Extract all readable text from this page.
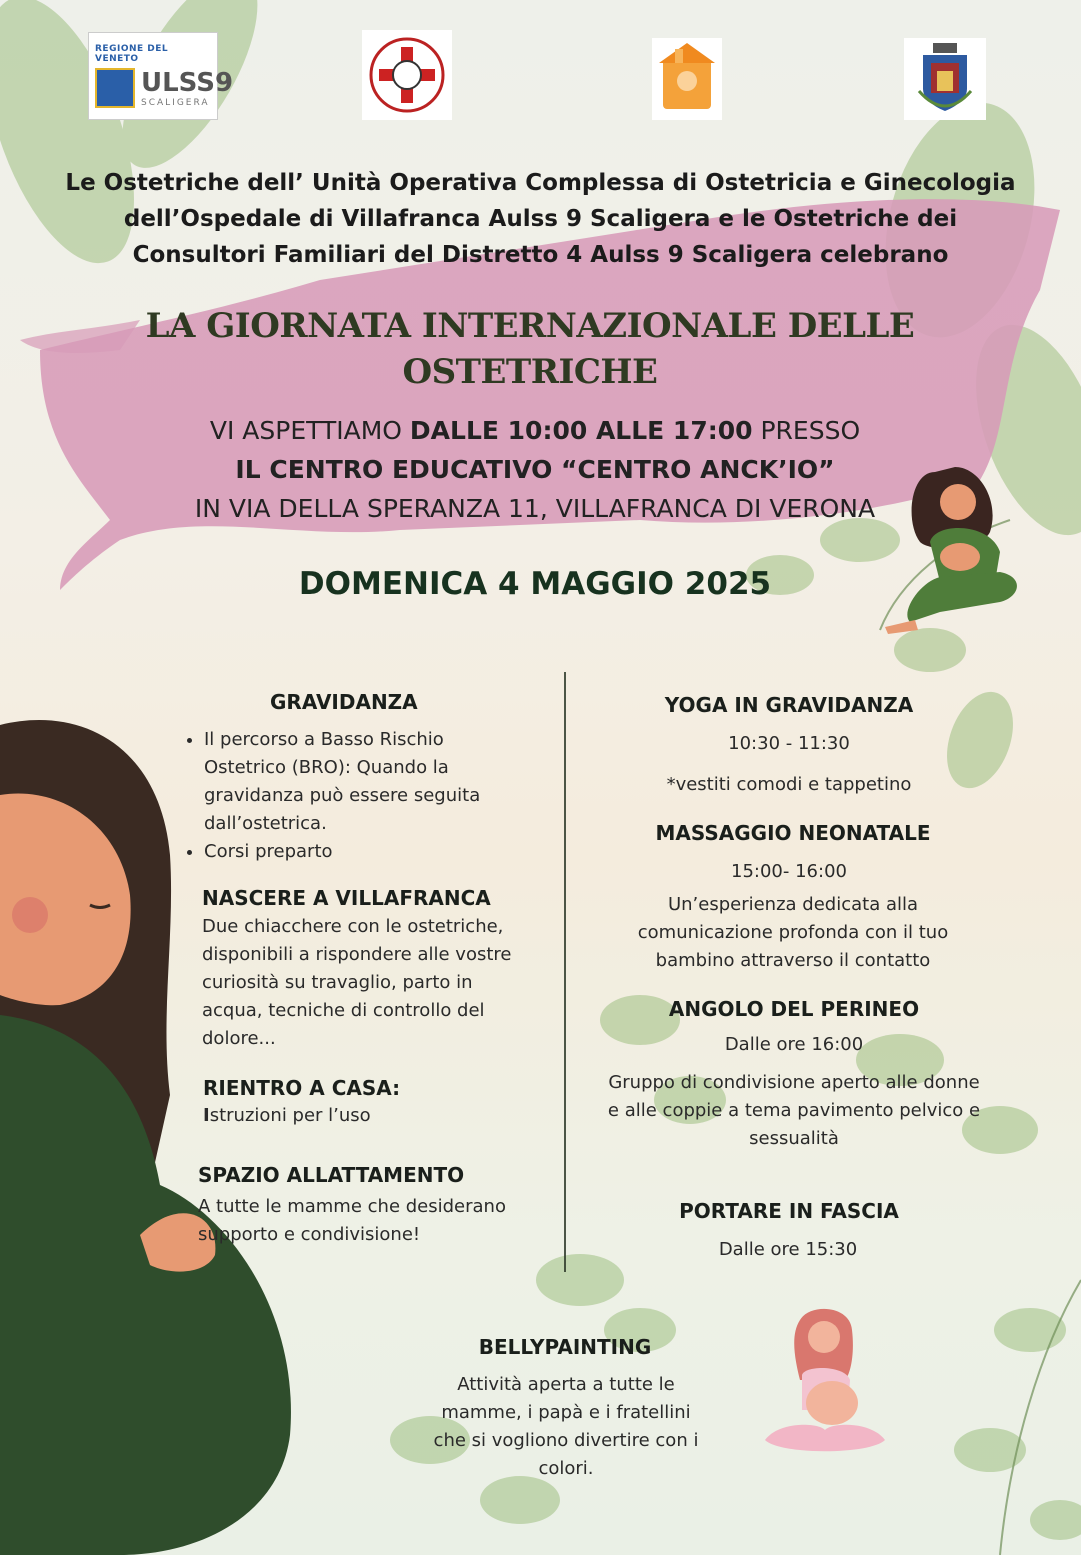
REGIONE DEL VENETO
ULSS9
SCALIGERA
Le Ostetriche dell’ Unità Operativa Complessa di Ostetricia e Ginecologia
dell’Ospedale di Villafranca Aulss 9 Scaligera e le Ostetriche dei
Consultori Familiari del Distretto 4 Aulss 9 Scaligera celebrano
LA GIORNATA INTERNAZIONALE DELLE
OSTETRICHE
VI ASPETTIAMO DALLE 10:00 ALLE 17:00 PRESSO
IL CENTRO EDUCATIVO “CENTRO ANCK’IO”
IN VIA DELLA SPERANZA 11, VILLAFRANCA DI VERONA
DOMENICA 4 MAGGIO 2025
GRAVIDANZA
• Il percorso a Basso Rischio Ostetrico (BRO): Quando la gravidanza può essere seguita dall’ostetrica.
• Corsi preparto
NASCERE A VILLAFRANCA
Due chiacchere con le ostetriche, disponibili a rispondere alle vostre curiosità su travaglio, parto in acqua, tecniche di controllo del dolore...
RIENTRO A CASA:
Istruzioni per l’uso
SPAZIO ALLATTAMENTO
A tutte le mamme che desiderano supporto e condivisione!
YOGA IN GRAVIDANZA
10:30 - 11:30
*vestiti comodi e tappetino
MASSAGGIO NEONATALE
15:00- 16:00
Un’esperienza dedicata alla comunicazione profonda con il tuo bambino attraverso il contatto
ANGOLO DEL PERINEO
Dalle ore 16:00
Gruppo di condivisione aperto alle donne e alle coppie a tema pavimento pelvico e sessualità
PORTARE IN FASCIA
Dalle ore 15:30
BELLYPAINTING
Attività aperta a tutte le mamme, i papà e i fratellini che si vogliono divertire con i colori.
